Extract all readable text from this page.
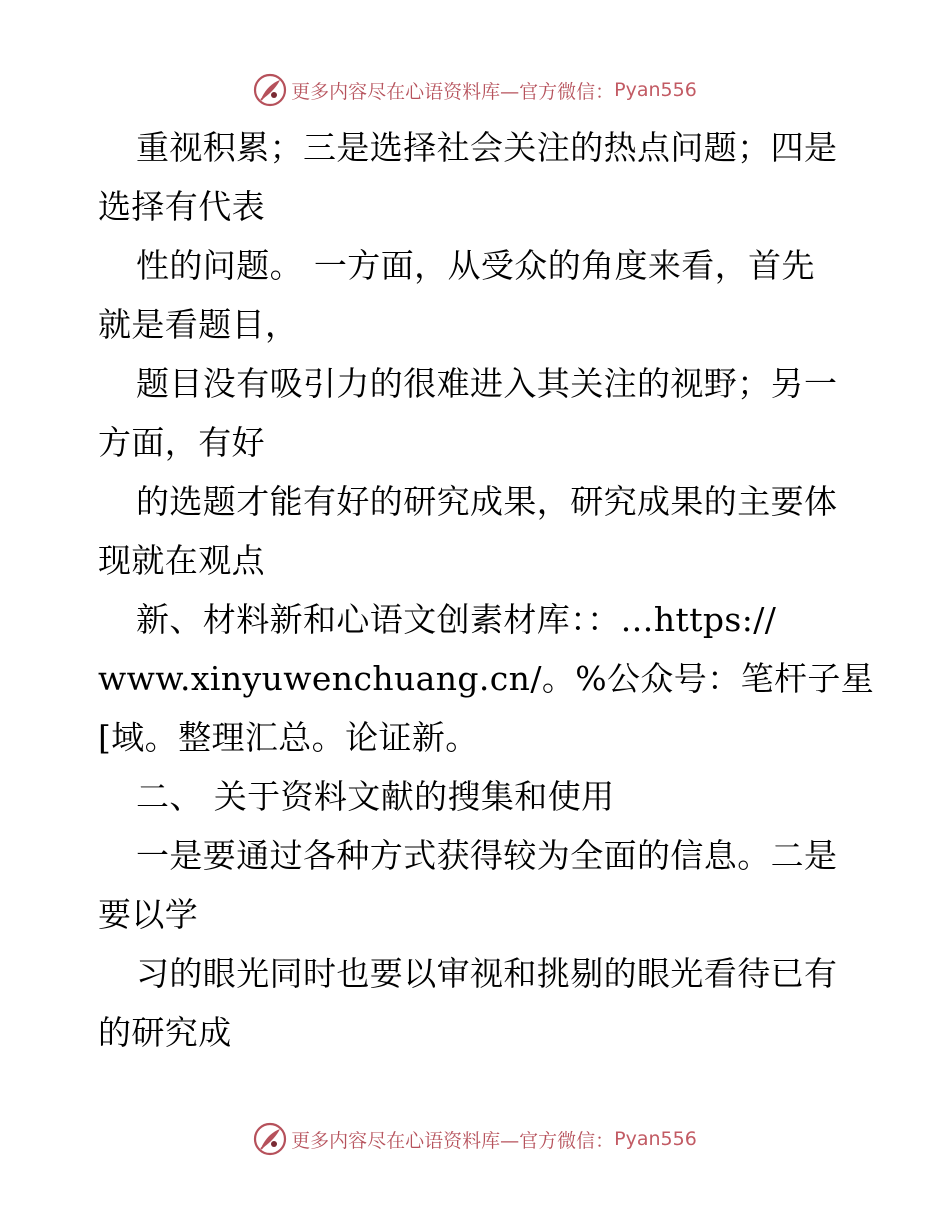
更多内容尽在心语资料库—官方微信： Pyan556
重视积累；三是选择社会关注的热点问题；四是
选择有代表
性的问题。 一方面，从受众的角度来看，首先
就是看题目，
题目没有吸引力的很难进入其关注的视野；另一
方面，有好
的选题才能有好的研究成果，研究成果的主要体
现就在观点
新、材料新和心语文创素材库：：…https://
www.xinyuwenchuang.cn/。%公众号：笔杆子星
[域。整理汇总。论证新。
二、 关于资料文献的搜集和使用
一是要通过各种方式获得较为全面的信息。二是
要以学
习的眼光同时也要以审视和挑剔的眼光看待已有
的研究成
更多内容尽在心语资料库—官方微信： Pyan556
